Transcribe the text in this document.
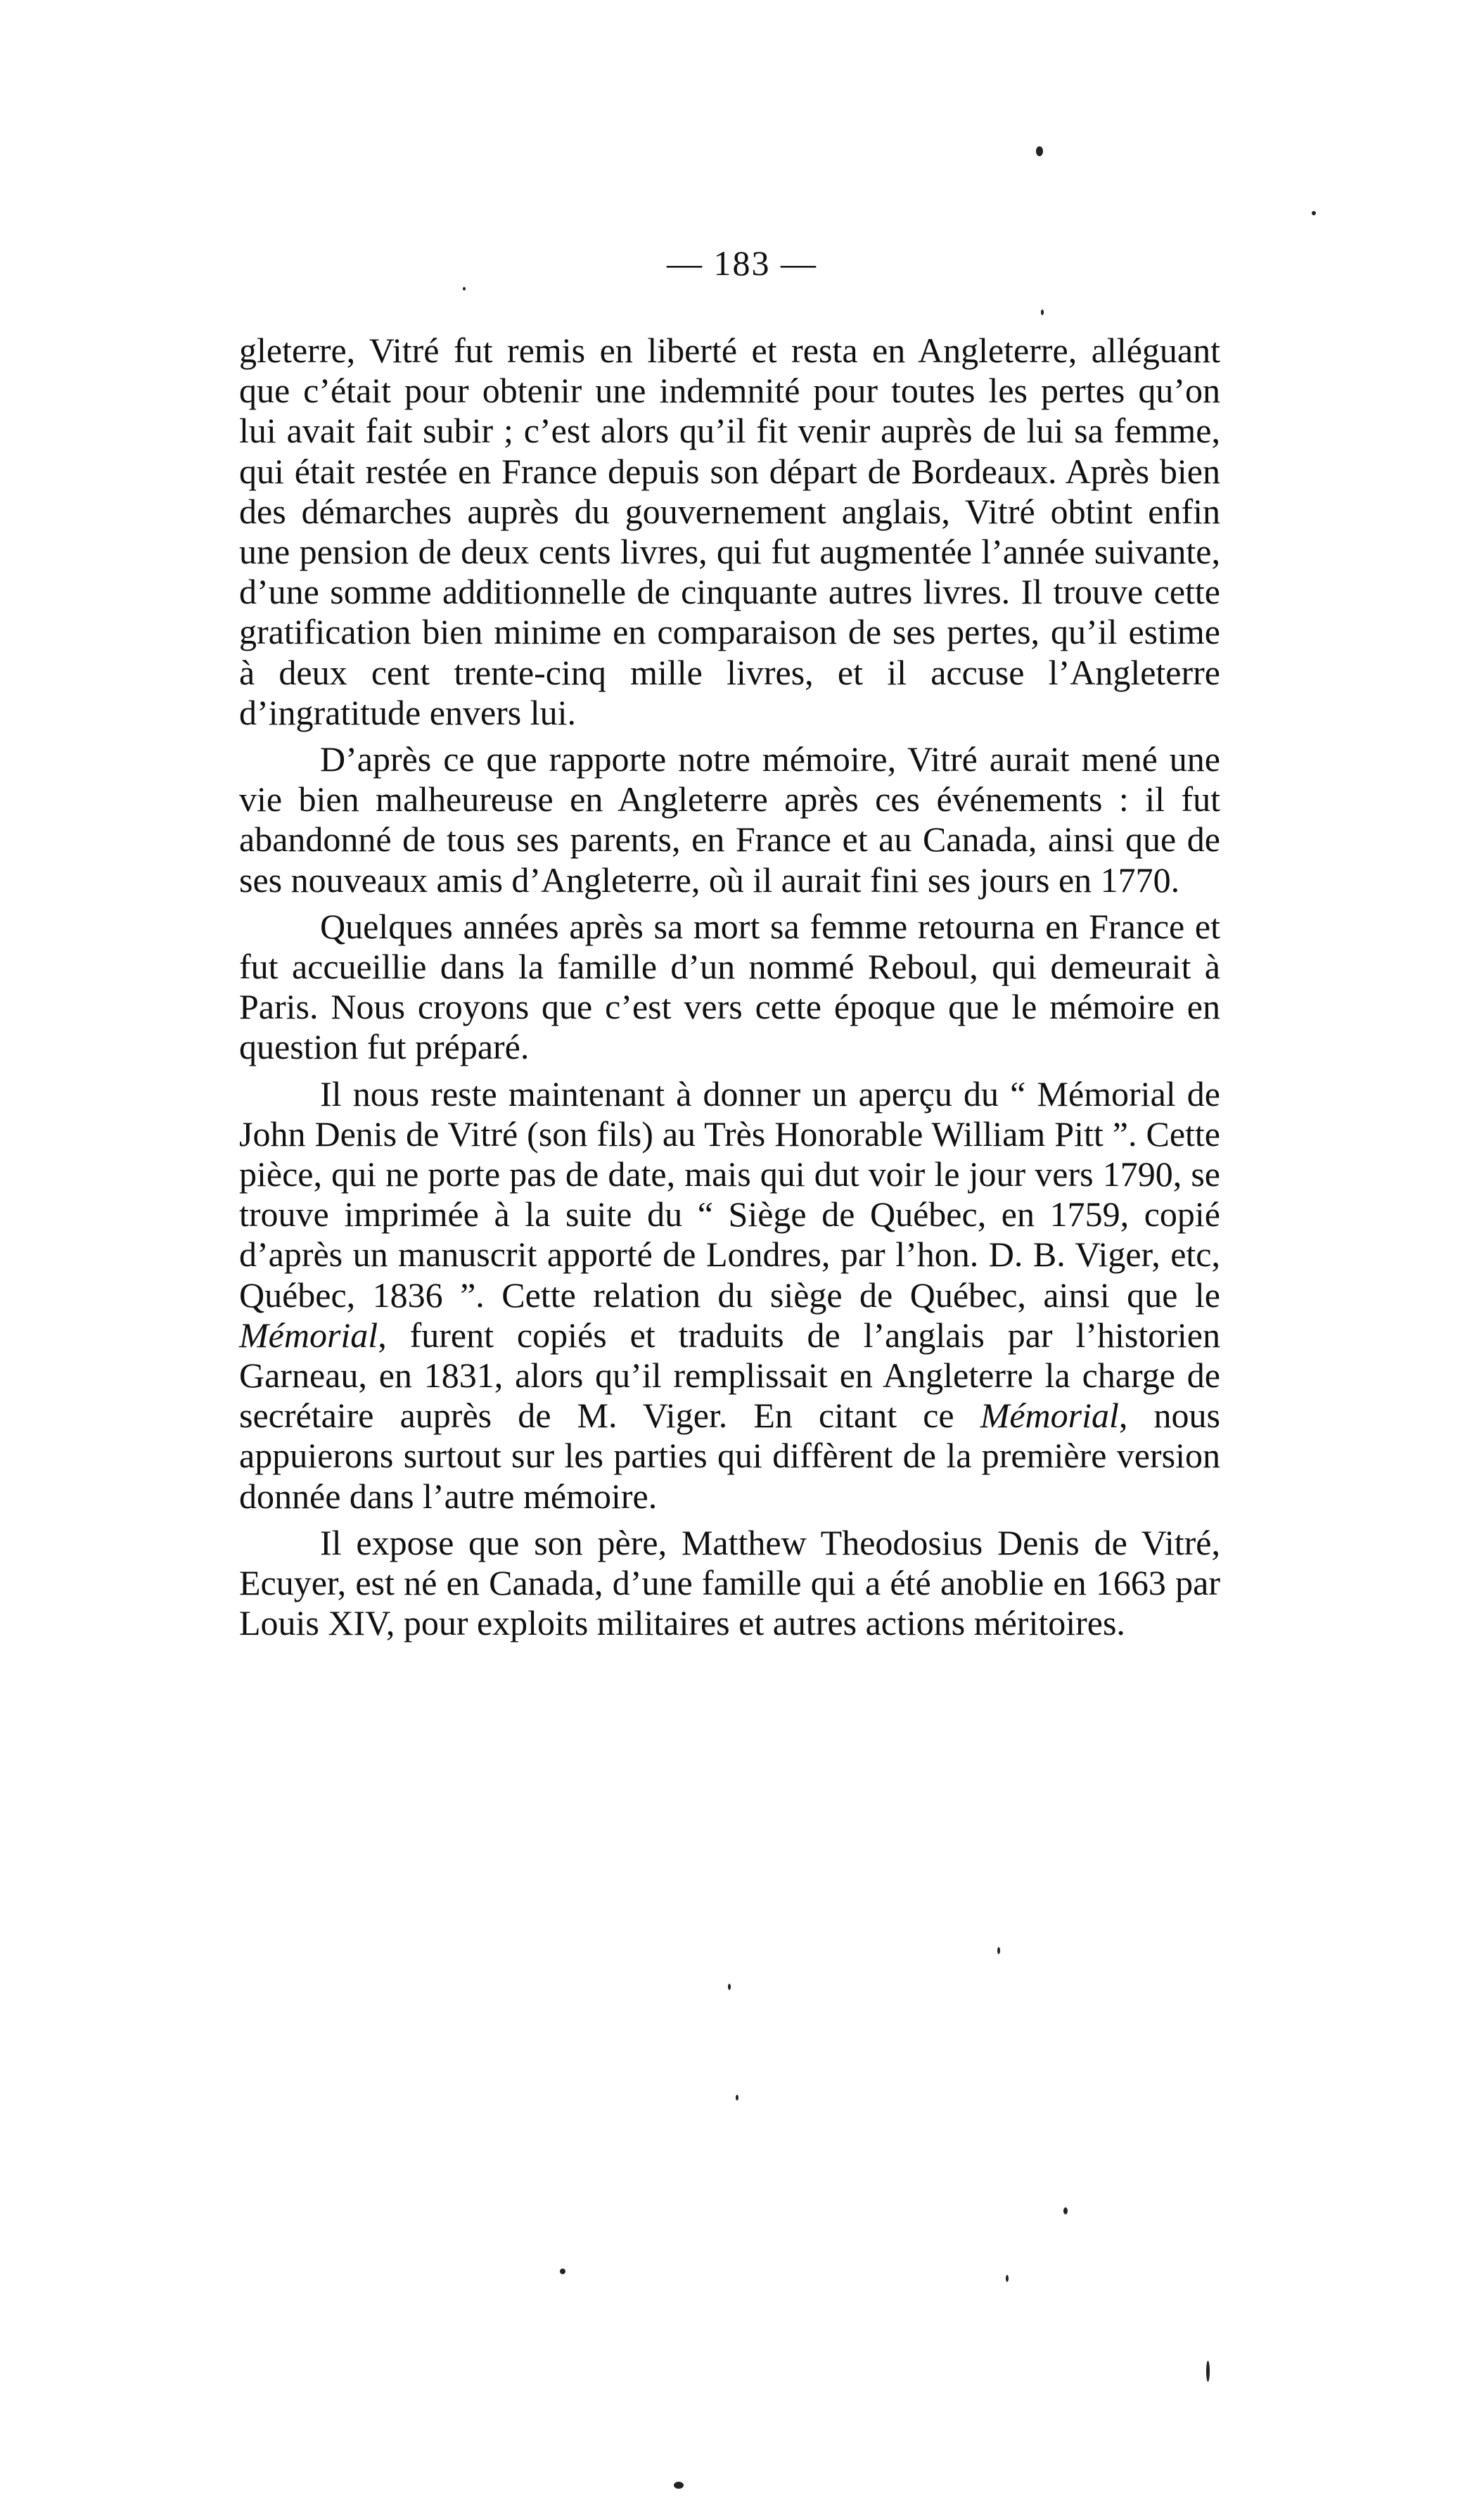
— 183 —

gleterre, Vitré fut remis en liberté et resta en Angleterre, alléguant que c’était pour obtenir une indemnité pour toutes les pertes qu’on lui avait fait subir ; c’est alors qu’il fit venir auprès de lui sa femme, qui était restée en France depuis son départ de Bordeaux. Après bien des démarches auprès du gouvernement anglais, Vitré obtint enfin une pension de deux cents livres, qui fut augmentée l’année suivante, d’une somme additionnelle de cinquante autres livres. Il trouve cette gratification bien minime en comparaison de ses pertes, qu’il estime à deux cent trente-cinq mille livres, et il accuse l’Angleterre d’ingratitude envers lui.

D’après ce que rapporte notre mémoire, Vitré aurait mené une vie bien malheureuse en Angleterre après ces événements : il fut abandonné de tous ses parents, en France et au Canada, ainsi que de ses nouveaux amis d’Angleterre, où il aurait fini ses jours en 1770.

Quelques années après sa mort sa femme retourna en France et fut accueillie dans la famille d’un nommé Reboul, qui demeurait à Paris. Nous croyons que c’est vers cette époque que le mémoire en question fut préparé.

Il nous reste maintenant à donner un aperçu du “ Mémorial de John Denis de Vitré (son fils) au Très Honorable William Pitt ”. Cette pièce, qui ne porte pas de date, mais qui dut voir le jour vers 1790, se trouve imprimée à la suite du “ Siège de Québec, en 1759, copié d’après un manuscrit apporté de Londres, par l’hon. D. B. Viger, etc, Québec, 1836 ”. Cette relation du siège de Québec, ainsi que le Mémorial, furent copiés et traduits de l’anglais par l’historien Garneau, en 1831, alors qu’il remplissait en Angleterre la charge de secrétaire auprès de M. Viger. En citant ce Mémorial, nous appuierons surtout sur les parties qui diffèrent de la première version donnée dans l’autre mémoire.

Il expose que son père, Matthew Theodosius Denis de Vitré, Ecuyer, est né en Canada, d’une famille qui a été anoblie en 1663 par Louis XIV, pour exploits militaires et autres actions méritoires.
